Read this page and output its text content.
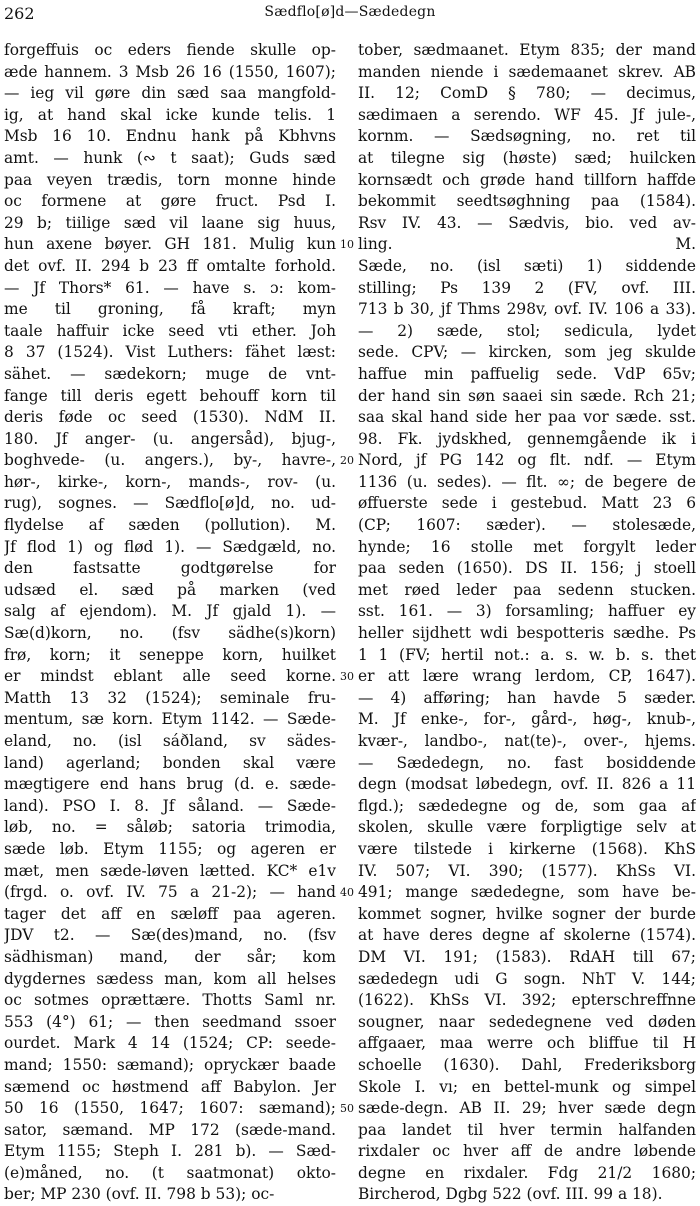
262	Sædflo[ø]d—Sædedegn
forgeffuis oc eders fiende skulle op-
æde hannem. 3 Msb 26 16 (1550, 1607);
— ieg vil gøre din sæd saa mangfold-
ig, at hand skal icke kunde telis. 1
Msb 16 10. Endnu hank på Kbhvns
amt. — hunk (∾ t saat); Guds sæd
paa veyen trædis, torn monne hinde
oc formene at gøre fruct. Psd I.
29 b; tiilige sæd vil laane sig huus,
hun axene bøyer. GH 181. Mulig kun
det ovf. II. 294 b 23 ff omtalte forhold.
— Jf Thors* 61. — have s. ɔ: kom-
me til groning, få kraft; myn
taale haffuir icke seed vti ether. Joh
8 37 (1524). Vist Luthers: fähet læst:
sähet. — sædekorn; muge de vnt-
fange till deris egett behouff korn til
deris føde oc seed (1530). NdM II.
180. Jf anger- (u. angersåd), bjug-,
boghvede- (u. angers.), by-, havre-,
hør-, kirke-, korn-, mands-, rov- (u.
rug), sognes. — Sædflo[ø]d, no. ud-
flydelse af sæden (pollution). M.
Jf flod 1) og flød 1). — Sædgæld, no.
den fastsatte godtgørelse for
udsæd el. sæd på marken (ved
salg af ejendom). M. Jf gjald 1). —
Sæ(d)korn, no. (fsv sädhe(s)korn)
frø, korn; it seneppe korn, huilket
er mindst eblant alle seed korne.
Matth 13 32 (1524); seminale fru-
mentum, sæ korn. Etym 1142. — Sæde-
eland, no. (isl sáðland, sv sädes-
land) agerland; bonden skal være
mægtigere end hans brug (d. e. sæde-
land). PSO I. 8. Jf såland. — Sæde-
løb, no. = såløb; satoria trimodia,
sæde løb. Etym 1155; og ageren er
mæt, men sæde-løven lætted. KC* e1v
(frgd. o. ovf. IV. 75 a 21-2); — hand
tager det aff en sæløff paa ageren.
JDV t2. — Sæ(des)mand, no. (fsv
sädhisman) mand, der sår; kom
dygdernes sædess man, kom all helses
oc sotmes oprættære. Thotts Saml nr.
553 (4°) 61; — then seedmand ssoer
ourdet. Mark 4 14 (1524; CP: seede-
mand; 1550: sæmand); opryckær baade
sæmend oc høstmend aff Babylon. Jer
50 16 (1550, 1647; 1607: sæmand);
sator, sæmand. MP 172 (sæde-mand.
Etym 1155; Steph I. 281 b). — Sæd-
(e)måned, no. (t saatmonat) okto-
ber; MP 230 (ovf. II. 798 b 53); oc-
10
20
30
40
50
tober, sædmaanet. Etym 835; der mand
manden niende i sædemaanet skrev. AB
II. 12; ComD § 780; — decimus,
sædimaen a serendo. WF 45. Jf jule-,
kornm. — Sædsøgning, no. ret til
at tilegne sig (høste) sæd; huilcken
kornsædt och grøde hand tillforn haffde
bekommit seedtsøghning paa (1584).
Rsv IV. 43. — Sædvis, bio. ved av-
ling. M.
Sæde, no. (isl sæti) 1) siddende
stilling; Ps 139 2 (FV, ovf. III.
713 b 30, jf Thms 298v, ovf. IV. 106 a 33).
— 2) sæde, stol; sedicula, lydet
sede. CPV; — kircken, som jeg skulde
haffue min paffuelig sede. VdP 65v;
der hand sin søn saaei sin sæde. Rch 21;
saa skal hand side her paa vor sæde. sst.
98. Fk. jydskhed, gennemgående ik i
Nord, jf PG 142 og flt. ndf. — Etym
1136 (u. sedes). — flt. ∞; de begere de
øffuerste sede i gestebud. Matt 23 6
(CP; 1607: sæder). — stolesæde,
hynde; 16 stolle met forgylt leder
paa seden (1650). DS II. 156; j stoell
met røed leder paa sedenn stucken.
sst. 161. — 3) forsamling; haffuer ey
heller sijdhett wdi bespotteris sædhe. Ps
1 1 (FV; hertil not.: a. s. w. b. s. thet
er att lære wrang lerdom, CP, 1647).
— 4) afføring; han havde 5 sæder.
M. Jf enke-, for-, gård-, høg-, knub-,
kvær-, landbo-, nat(te)-, over-, hjems.
— Sædedegn, no. fast bosiddende
degn (modsat løbedegn, ovf. II. 826 a 11
flgd.); sædedegne og de, som gaa af
skolen, skulle være forpligtige selv at
være tilstede i kirkerne (1568). KhS
IV. 507; VI. 390; (1577). KhSs VI.
491; mange sædedegne, som have be-
kommet sogner, hvilke sogner der burde
at have deres degne af skolerne (1574).
DM VI. 191; (1583). RdAH till 67;
sædedegn udi G sogn. NhT V. 144;
(1622). KhSs VI. 392; epterschreffnne
sougner, naar sededegnene ved døden
affgaaer, maa werre och bliffue til H
schoelle (1630). Dahl, Frederiksborg
Skole I. vı; en bettel-munk og simpel
sæde-degn. AB II. 29; hver sæde degn
paa landet til hver termin halfanden
rixdaler oc hver aff de andre løbende
degne en rixdaler. Fdg 21/2 1680;
Bircherod, Dgbg 522 (ovf. III. 99 a 18).
